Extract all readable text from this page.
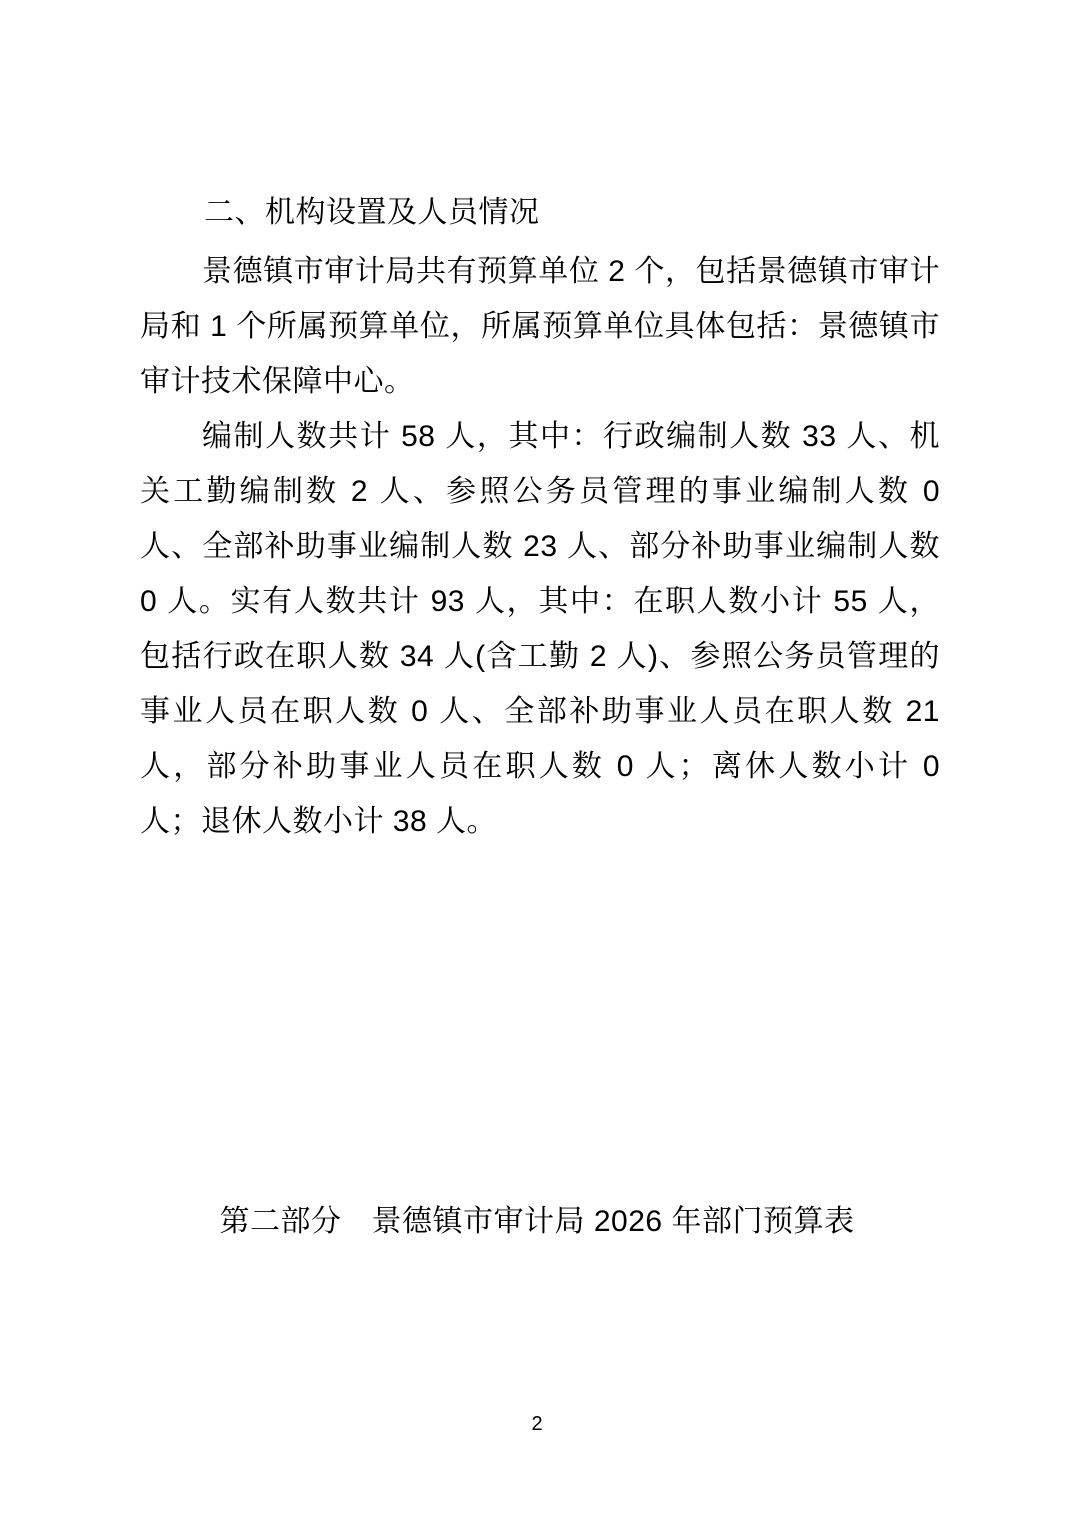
二、机构设置及人员情况

景德镇市审计局共有预算单位 2 个，包括景德镇市审计局和 1 个所属预算单位，所属预算单位具体包括：景德镇市审计技术保障中心。

编制人数共计 58 人，其中：行政编制人数 33 人、机关工勤编制数 2 人、参照公务员管理的事业编制人数 0 人、全部补助事业编制人数 23 人、部分补助事业编制人数 0 人。实有人数共计 93 人，其中：在职人数小计 55 人，包括行政在职人数 34 人(含工勤 2 人)、参照公务员管理的事业人员在职人数 0 人、全部补助事业人员在职人数 21 人，部分补助事业人员在职人数 0 人；离休人数小计 0 人；退休人数小计 38 人。

第二部分 景德镇市审计局 2026 年部门预算表
2
